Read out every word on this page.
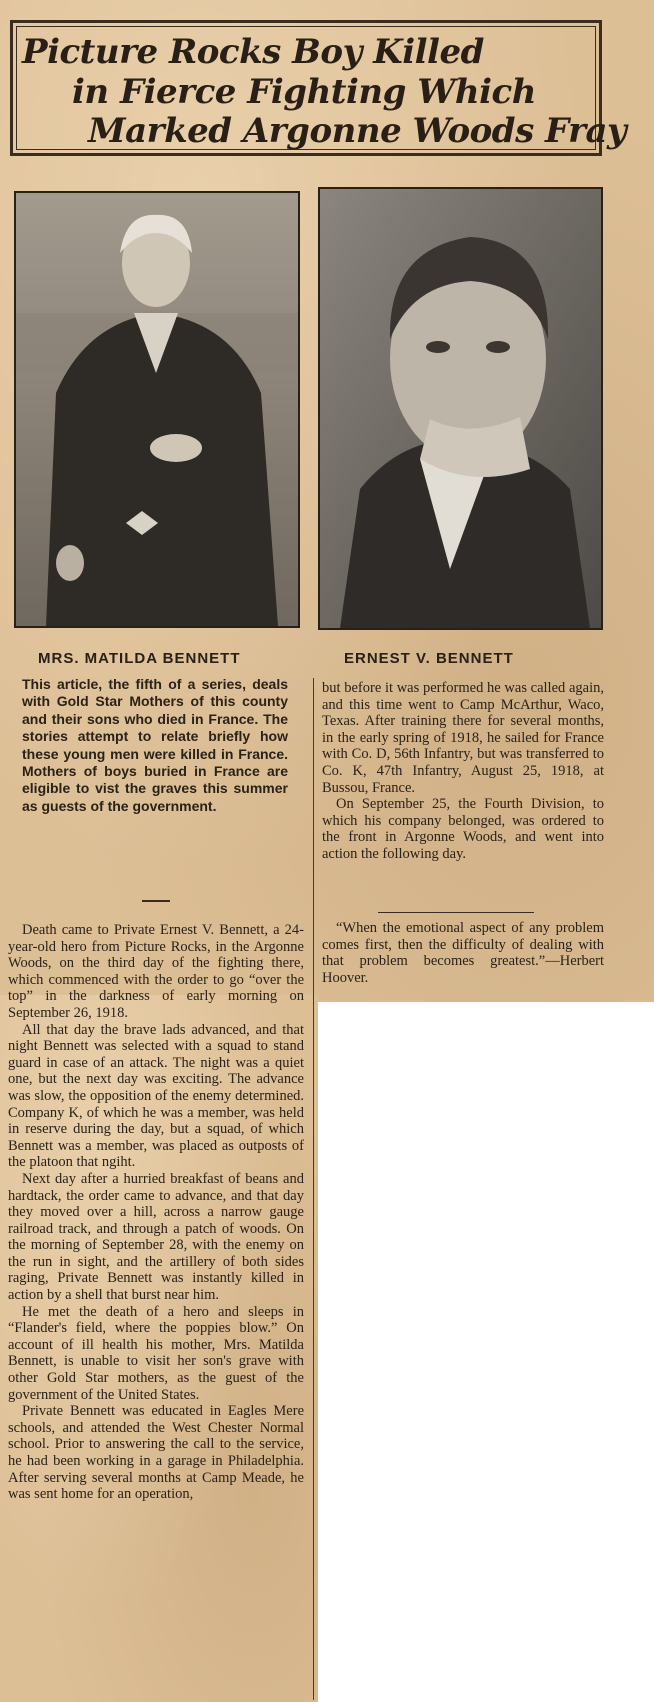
Picture Rocks Boy Killed
in Fierce Fighting Which
Marked Argonne Woods Fray
MRS. MATILDA BENNETT	ERNEST V. BENNETT
This article, the fifth of a series, deals with Gold Star Mothers of this county and their sons who died in France. The stories attempt to relate briefly how these young men were killed in France. Mothers of boys buried in France are eligible to vist the graves this summer as guests of the government.

Death came to Private Ernest V. Bennett, a 24-year-old hero from Picture Rocks, in the Argonne Woods, on the third day of the fighting there, which commenced with the order to go “over the top” in the darkness of early morning on September 26, 1918.

All that day the brave lads advanced, and that night Bennett was selected with a squad to stand guard in case of an attack. The night was a quiet one, but the next day was exciting. The advance was slow, the opposition of the enemy determined. Company K, of which he was a member, was held in reserve during the day, but a squad, of which Bennett was a member, was placed as outposts of the platoon that ngiht.

Next day after a hurried breakfast of beans and hardtack, the order came to advance, and that day they moved over a hill, across a narrow gauge railroad track, and through a patch of woods. On the morning of September 28, with the enemy on the run in sight, and the artillery of both sides raging, Private Bennett was instantly killed in action by a shell that burst near him.

He met the death of a hero and sleeps in “Flander's field, where the poppies blow.” On account of ill health his mother, Mrs. Matilda Bennett, is unable to visit her son's grave with other Gold Star mothers, as the guest of the government of the United States.

Private Bennett was educated in Eagles Mere schools, and attended the West Chester Normal school. Prior to answering the call to the service, he had been working in a garage in Philadelphia. After serving several months at Camp Meade, he was sent home for an operation,

but before it was performed he was called again, and this time went to Camp McArthur, Waco, Texas. After training there for several months, in the early spring of 1918, he sailed for France with Co. D, 56th Infantry, but was transferred to Co. K, 47th Infantry, August 25, 1918, at Bussou, France.

On September 25, the Fourth Division, to which his company belonged, was ordered to the front in Argonne Woods, and went into action the following day.

“When the emotional aspect of any problem comes first, then the difficulty of dealing with that problem becomes greatest.”—Herbert Hoover.
